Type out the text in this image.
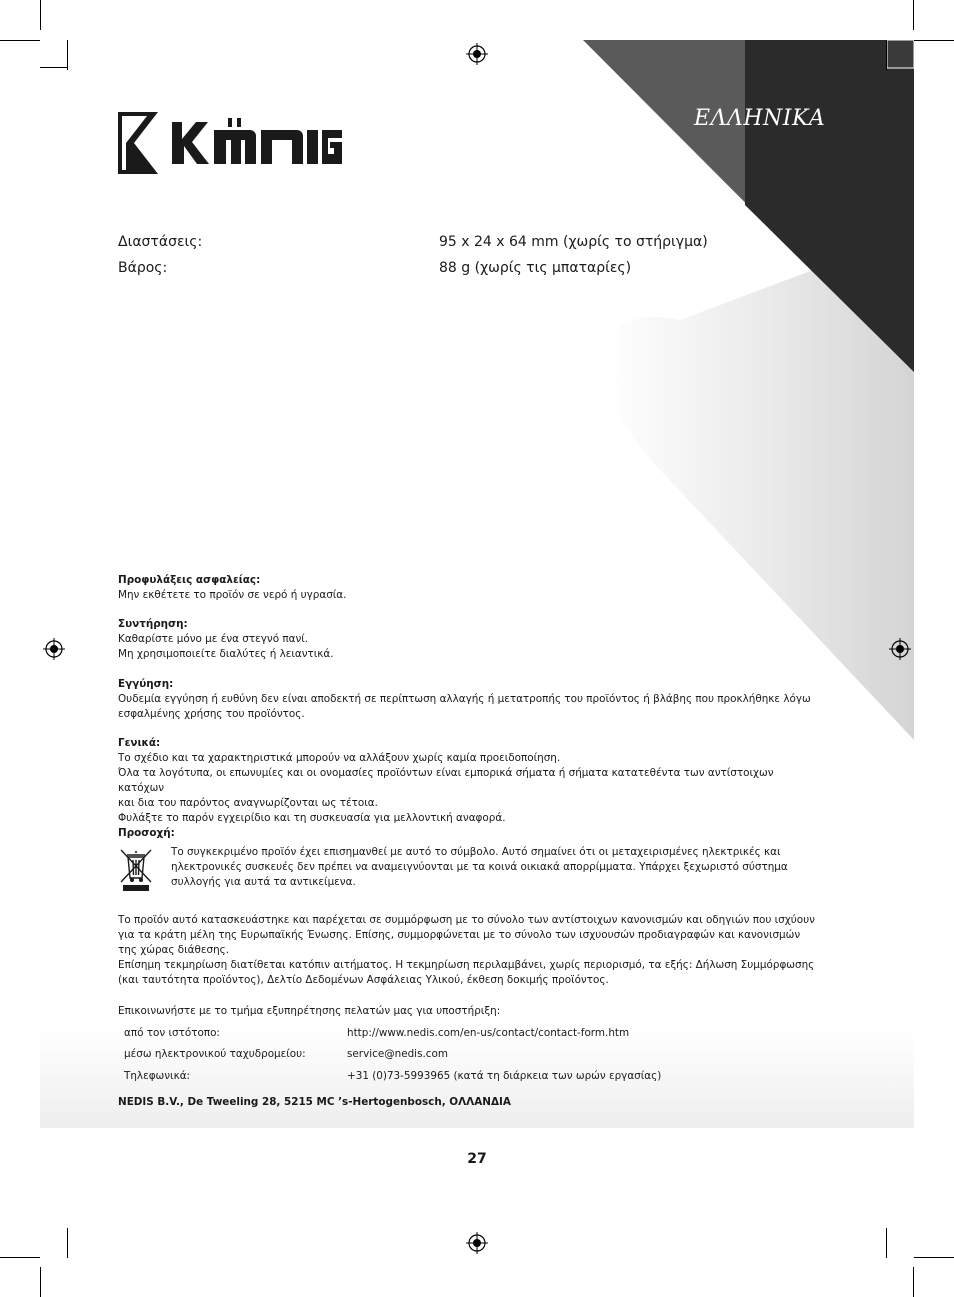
ΕΛΛΗΝΙΚΑ
Διαστάσεις:	95 x 24 x 64 mm (χωρίς το στήριγμα)
Βάρος:	88 g (χωρίς τις μπαταρίες)

Προφυλάξεις ασφαλείας:

Μην εκθέτετε το προϊόν σε νερό ή υγρασία.

Συντήρηση:

Καθαρίστε μόνο με ένα στεγνό πανί.

Μη χρησιμοποιείτε διαλύτες ή λειαντικά.

Εγγύηση:

Ουδεμία εγγύηση ή ευθύνη δεν είναι αποδεκτή σε περίπτωση αλλαγής ή μετατροπής του προϊόντος ή βλάβης που προκλήθηκε λόγω

εσφαλμένης χρήσης του προϊόντος.

Γενικά:

Το σχέδιο και τα χαρακτηριστικά μπορούν να αλλάξουν χωρίς καμία προειδοποίηση.

Όλα τα λογότυπα, οι επωνυμίες και οι ονομασίες προϊόντων είναι εμπορικά σήματα ή σήματα κατατεθέντα των αντίστοιχων κατόχων

και δια του παρόντος αναγνωρίζονται ως τέτοια.

Φυλάξτε το παρόν εγχειρίδιο και τη συσκευασία για μελλοντική αναφορά.

Προσοχή:

Το συγκεκριμένο προϊόν έχει επισημανθεί με αυτό το σύμβολο. Αυτό σημαίνει ότι οι μεταχειρισμένες ηλεκτρικές και

ηλεκτρονικές συσκευές δεν πρέπει να αναμειγνύονται με τα κοινά οικιακά απορρίμματα. Υπάρχει ξεχωριστό σύστημα

συλλογής για αυτά τα αντικείμενα.

Το προϊόν αυτό κατασκευάστηκε και παρέχεται σε συμμόρφωση με το σύνολο των αντίστοιχων κανονισμών και οδηγιών που ισχύουν

για τα κράτη μέλη της Ευρωπαϊκής Ένωσης. Επίσης, συμμορφώνεται με το σύνολο των ισχυουσών προδιαγραφών και κανονισμών

της χώρας διάθεσης.

Επίσημη τεκμηρίωση διατίθεται κατόπιν αιτήματος. Η τεκμηρίωση περιλαμβάνει, χωρίς περιορισμό, τα εξής: Δήλωση Συμμόρφωσης

(και ταυτότητα προϊόντος), Δελτίο Δεδομένων Ασφάλειας Υλικού, έκθεση δοκιμής προϊόντος.

Επικοινωνήστε με το τμήμα εξυπηρέτησης πελατών μας για υποστήριξη:

από τον ιστότοπο:	http://www.nedis.com/en-us/contact/contact-form.htm
μέσω ηλεκτρονικού ταχυδρομείου:	service@nedis.com
Τηλεφωνικά:	+31 (0)73-5993965 (κατά τη διάρκεια των ωρών εργασίας)
NEDIS B.V., De Tweeling 28, 5215 MC ’s-Hertogenbosch, ΟΛΛΑΝΔΙΑ
27
